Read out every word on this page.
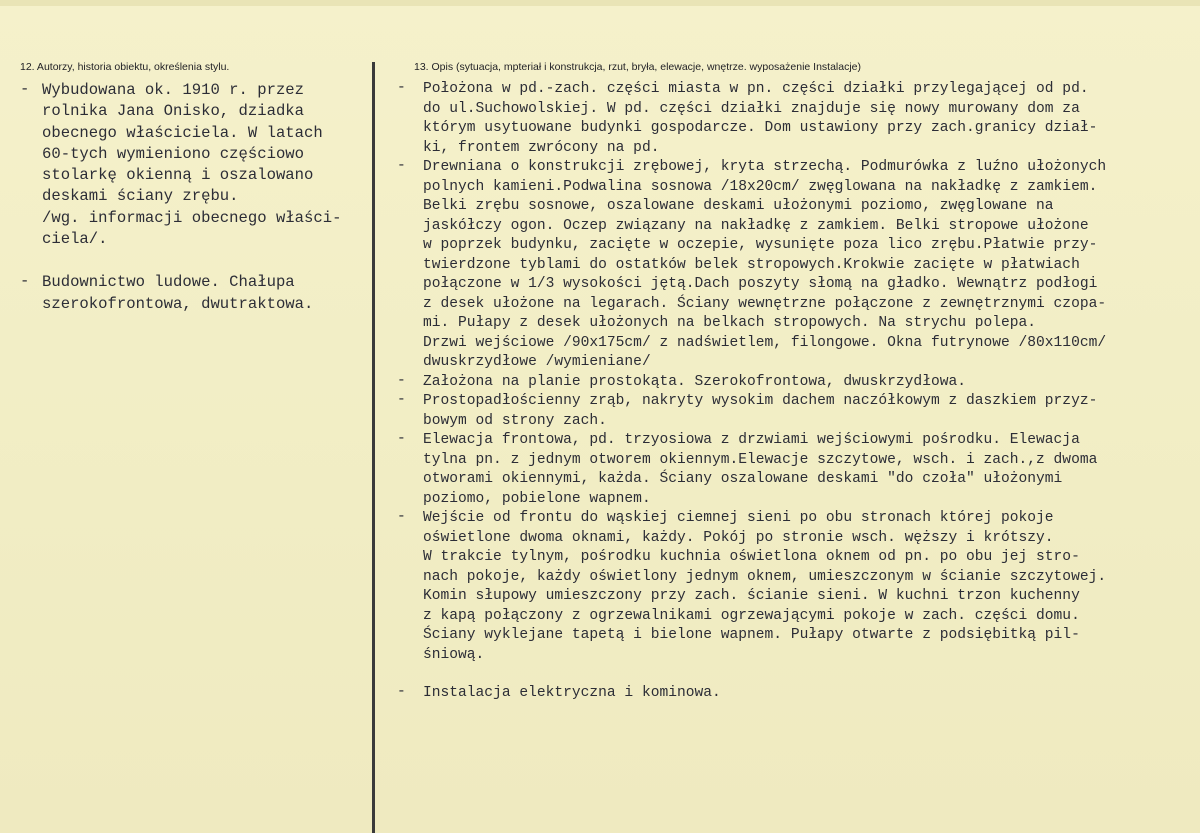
12. Autorzy, historia obiektu, określenia stylu.	13. Opis (sytuacja, mpteriał i konstrukcja, rzut, bryła, elewacje, wnętrze. wyposażenie Instalacje)
- Wybudowana ok. 1910 r. przez
rolnika Jana Onisko, dziadka
obecnego właściciela. W latach
60-tych wymieniono częściowo
stolarkę okienną i oszalowano
deskami ściany zrębu.
/wg. informacji obecnego właści-
ciela/.
- Budownictwo ludowe. Chałupa
szerokofrontowa, dwutraktowa.
-	Położona w pd.-zach. części miasta w pn. części działki przylegającej od pd.
do ul.Suchowolskiej. W pd. części działki znajduje się nowy murowany dom za
którym usytuowane budynki gospodarcze. Dom ustawiony przy zach.granicy dział-
ki, frontem zwrócony na pd.
-	Drewniana o konstrukcji zrębowej, kryta strzechą. Podmurówka z luźno ułożonych
polnych kamieni.Podwalina sosnowa /18x20cm/ zwęglowana na nakładkę z zamkiem.
Belki zrębu sosnowe, oszalowane deskami ułożonymi poziomo, zwęglowane na
jaskółczy ogon. Oczep związany na nakładkę z zamkiem. Belki stropowe ułożone
w poprzek budynku, zacięte w oczepie, wysunięte poza lico zrębu.Płatwie przy-
twierdzone tyblami do ostatków belek stropowych.Krokwie zacięte w płatwiach
połączone w 1/3 wysokości jętą.Dach poszyty słomą na gładko. Wewnątrz podłogi
z desek ułożone na legarach. Ściany wewnętrzne połączone z zewnętrznymi czopa-
mi. Pułapy z desek ułożonych na belkach stropowych. Na strychu polepa.
Drzwi wejściowe /90x175cm/ z nadświetlem, filongowe. Okna futrynowe /80x110cm/
dwuskrzydłowe /wymieniane/
-	Założona na planie prostokąta. Szerokofrontowa, dwuskrzydłowa.
-	Prostopadłościenny zrąb, nakryty wysokim dachem naczółkowym z daszkiem przyz-
bowym od strony zach.
-	Elewacja frontowa, pd. trzyosiowa z drzwiami wejściowymi pośrodku. Elewacja
tylna pn. z jednym otworem okiennym.Elewacje szczytowe, wsch. i zach.,z dwoma
otworami okiennymi, każda. Ściany oszalowane deskami "do czoła" ułożonymi
poziomo, pobielone wapnem.
-	Wejście od frontu do wąskiej ciemnej sieni po obu stronach której pokoje
oświetlone dwoma oknami, każdy. Pokój po stronie wsch. węższy i krótszy.
W trakcie tylnym, pośrodku kuchnia oświetlona oknem od pn. po obu jej stro-
nach pokoje, każdy oświetlony jednym oknem, umieszczonym w ścianie szczytowej.
Komin słupowy umieszczony przy zach. ścianie sieni. W kuchni trzon kuchenny
z kapą połączony z ogrzewalnikami ogrzewającymi pokoje w zach. części domu.
Ściany wyklejane tapetą i bielone wapnem. Pułapy otwarte z podsiębitką pil-
śniową.
-	Instalacja elektryczna i kominowa.
